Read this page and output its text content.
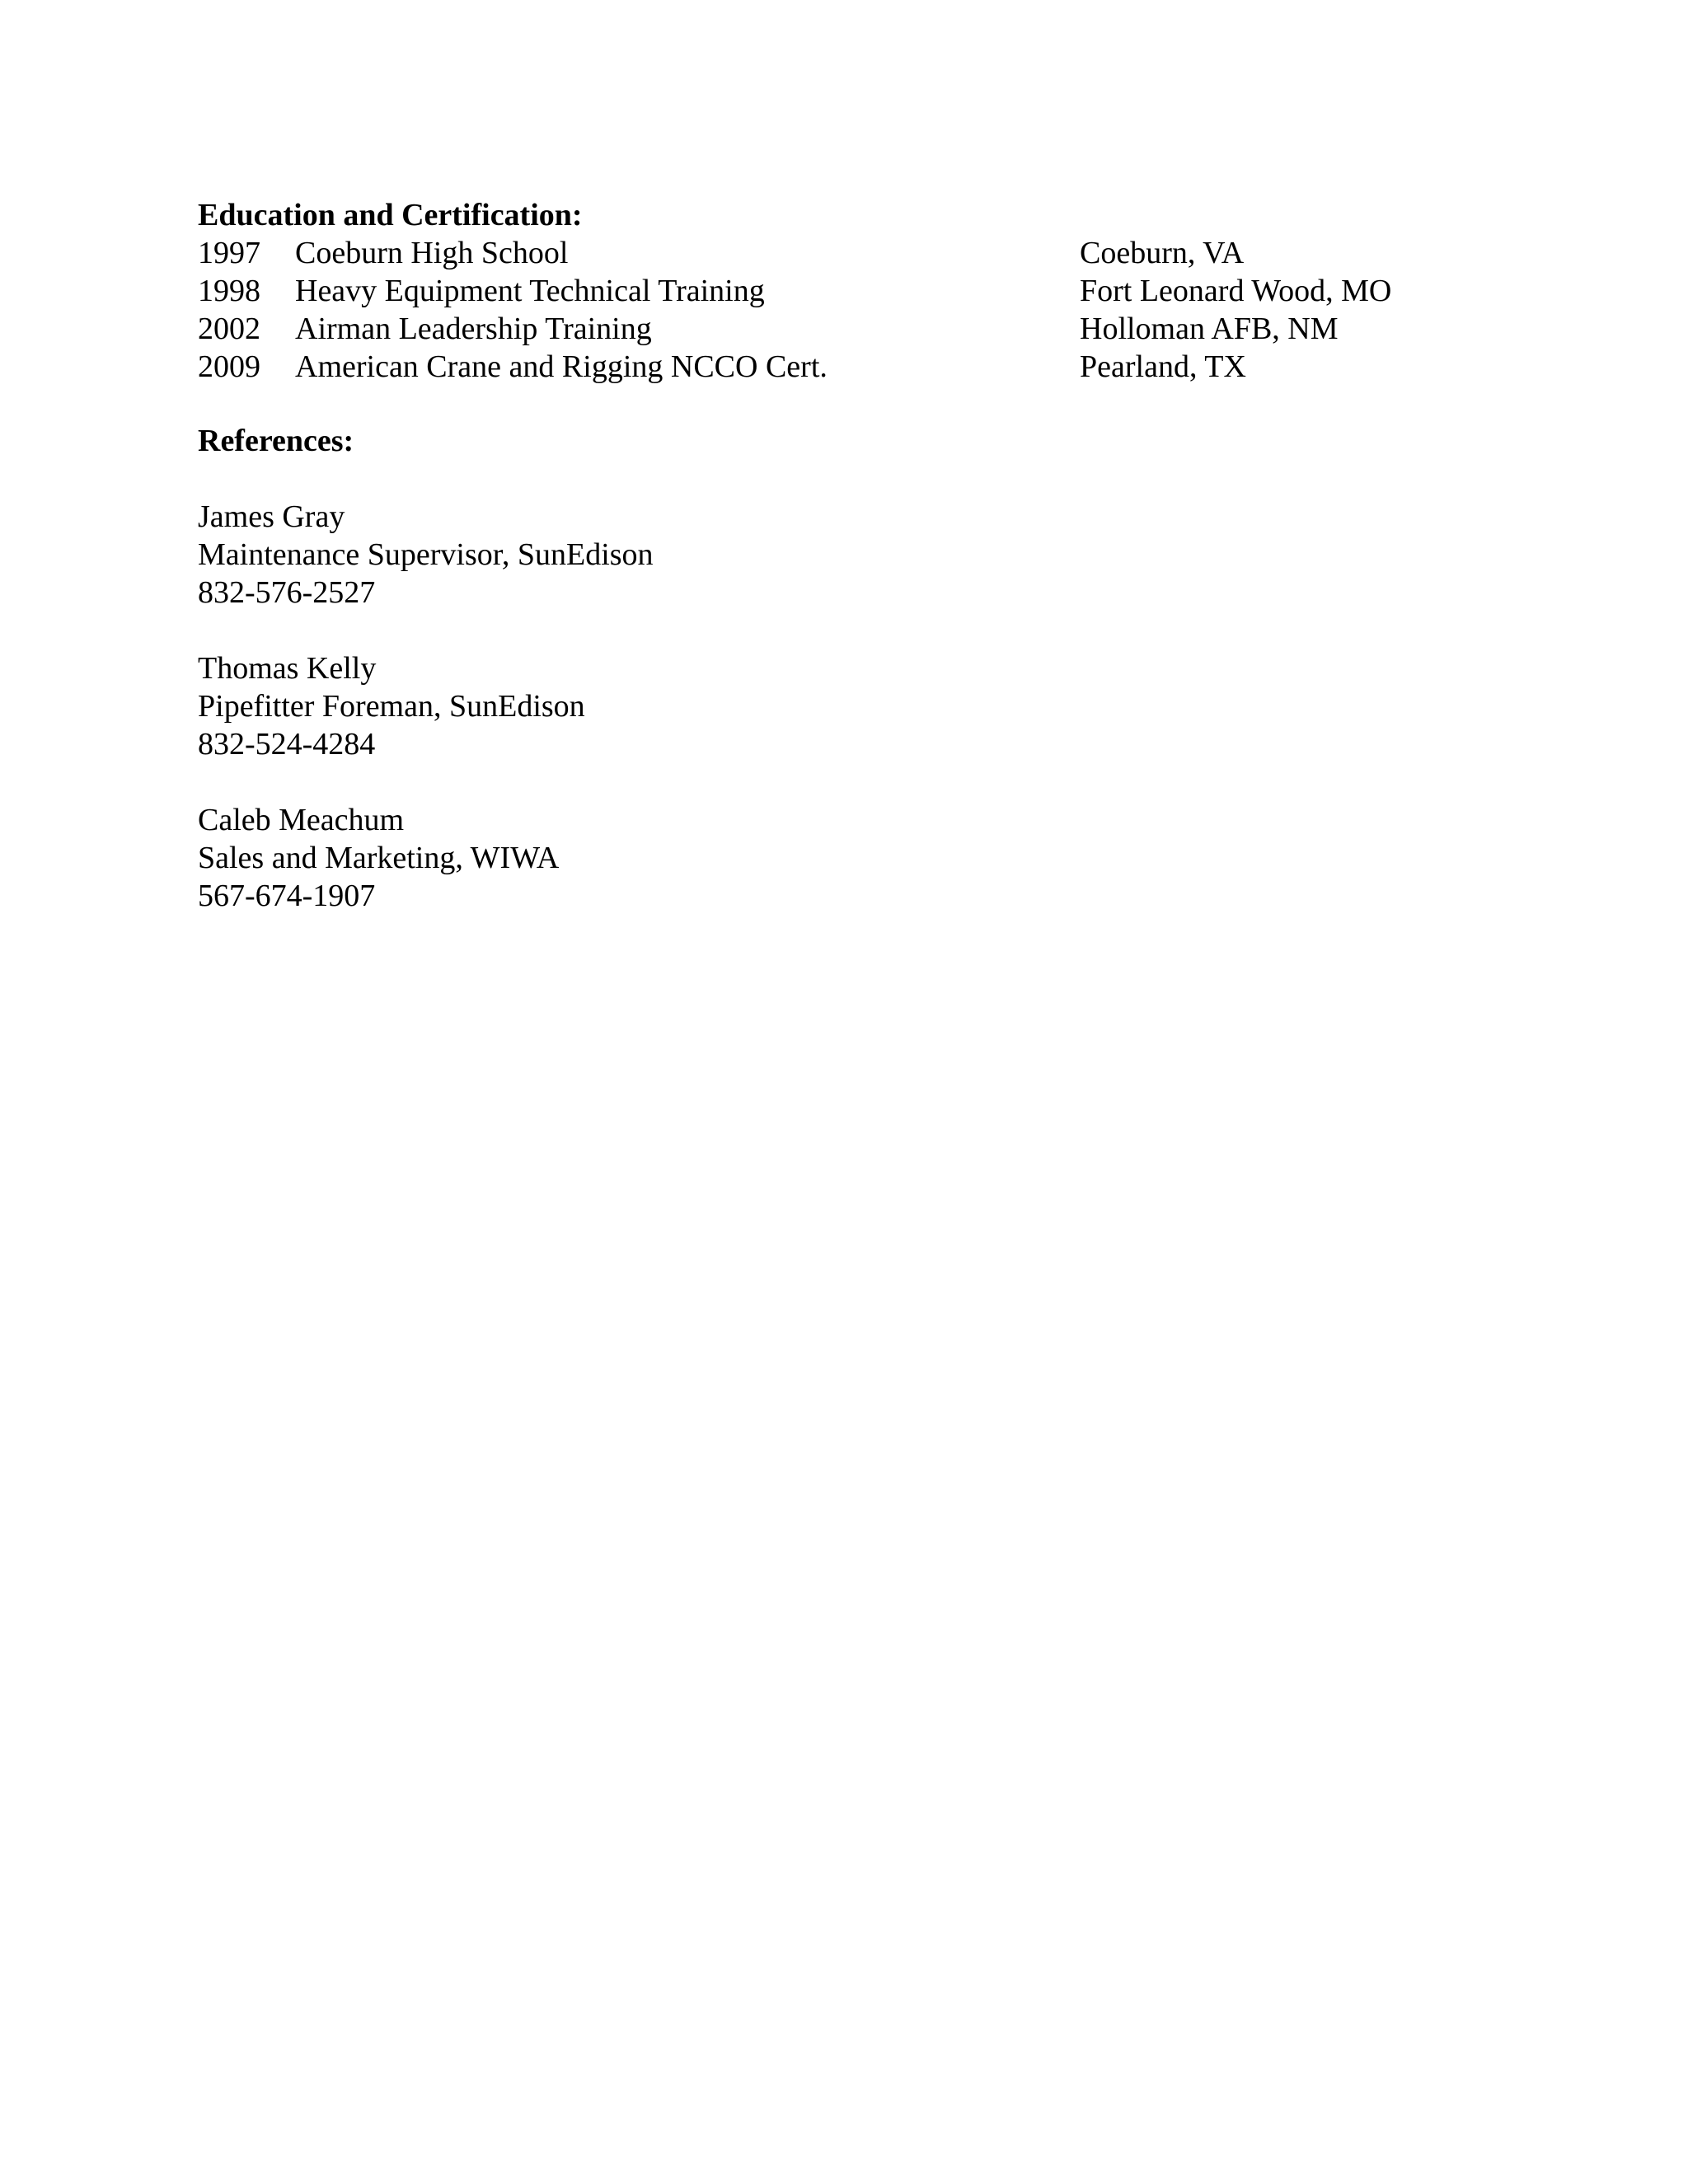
Education and Certification:
1997	Coeburn High School	Coeburn, VA
1998	Heavy Equipment Technical Training	Fort Leonard Wood, MO
2002	Airman Leadership Training	Holloman AFB, NM
2009	American Crane and Rigging NCCO Cert.	Pearland, TX
References:
James Gray
Maintenance Supervisor, SunEdison
832-576-2527
Thomas Kelly
Pipefitter Foreman, SunEdison
832-524-4284
Caleb Meachum
Sales and Marketing, WIWA
567-674-1907
